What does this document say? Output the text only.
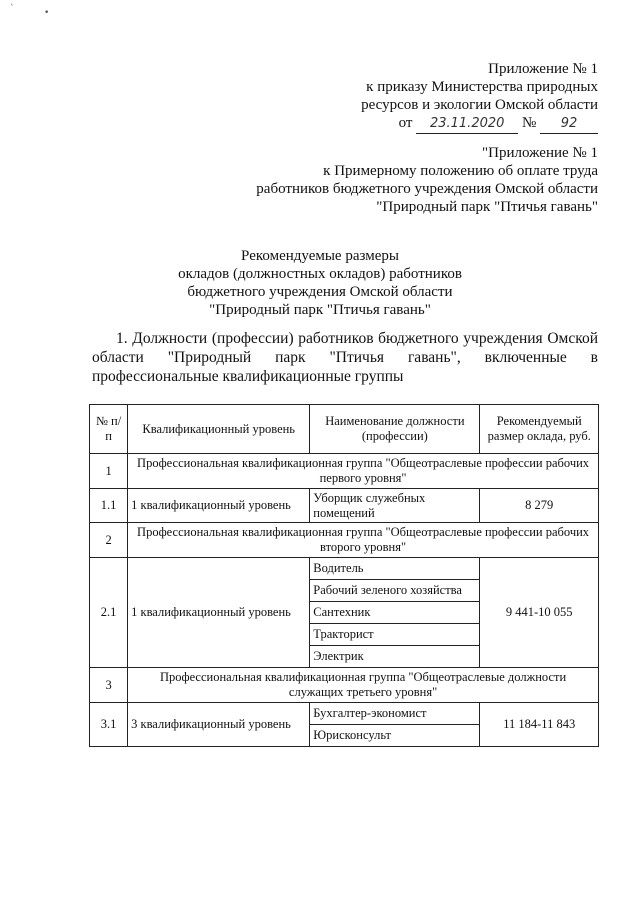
ˋ	•
Приложение № 1
к приказу Министерства природных
ресурсов и экологии Омской области
от 23.11.2020 № 92
"Приложение № 1
к Примерному положению об оплате труда
работников бюджетного учреждения Омской области
"Природный парк "Птичья гавань"
Рекомендуемые размеры
окладов (должностных окладов) работников
бюджетного учреждения Омской области
"Природный парк "Птичья гавань"
1. Должности (профессии) работников бюджетного учреждения Омской области "Природный парк "Птичья гавань", включенные в профессиональные квалификационные группы
№ п/п	Квалификационный уровень	Наименование должности (профессии)	Рекомендуемый размер оклада, руб.
1	Профессиональная квалификационная группа "Общеотраслевые профессии рабочих первого уровня"		
1.1	1 квалификационный уровень	Уборщик служебных помещений	8 279
2	Профессиональная квалификационная группа "Общеотраслевые профессии рабочих второго уровня"		
2.1	1 квалификационный уровень	Водитель	9 441-10 055
		Рабочий зеленого хозяйства	
		Сантехник	
		Тракторист	
		Электрик	
3	Профессиональная квалификационная группа "Общеотраслевые должности служащих третьего уровня"		
3.1	3 квалификационный уровень	Бухгалтер-экономист	11 184-11 843
		Юрисконсульт	
